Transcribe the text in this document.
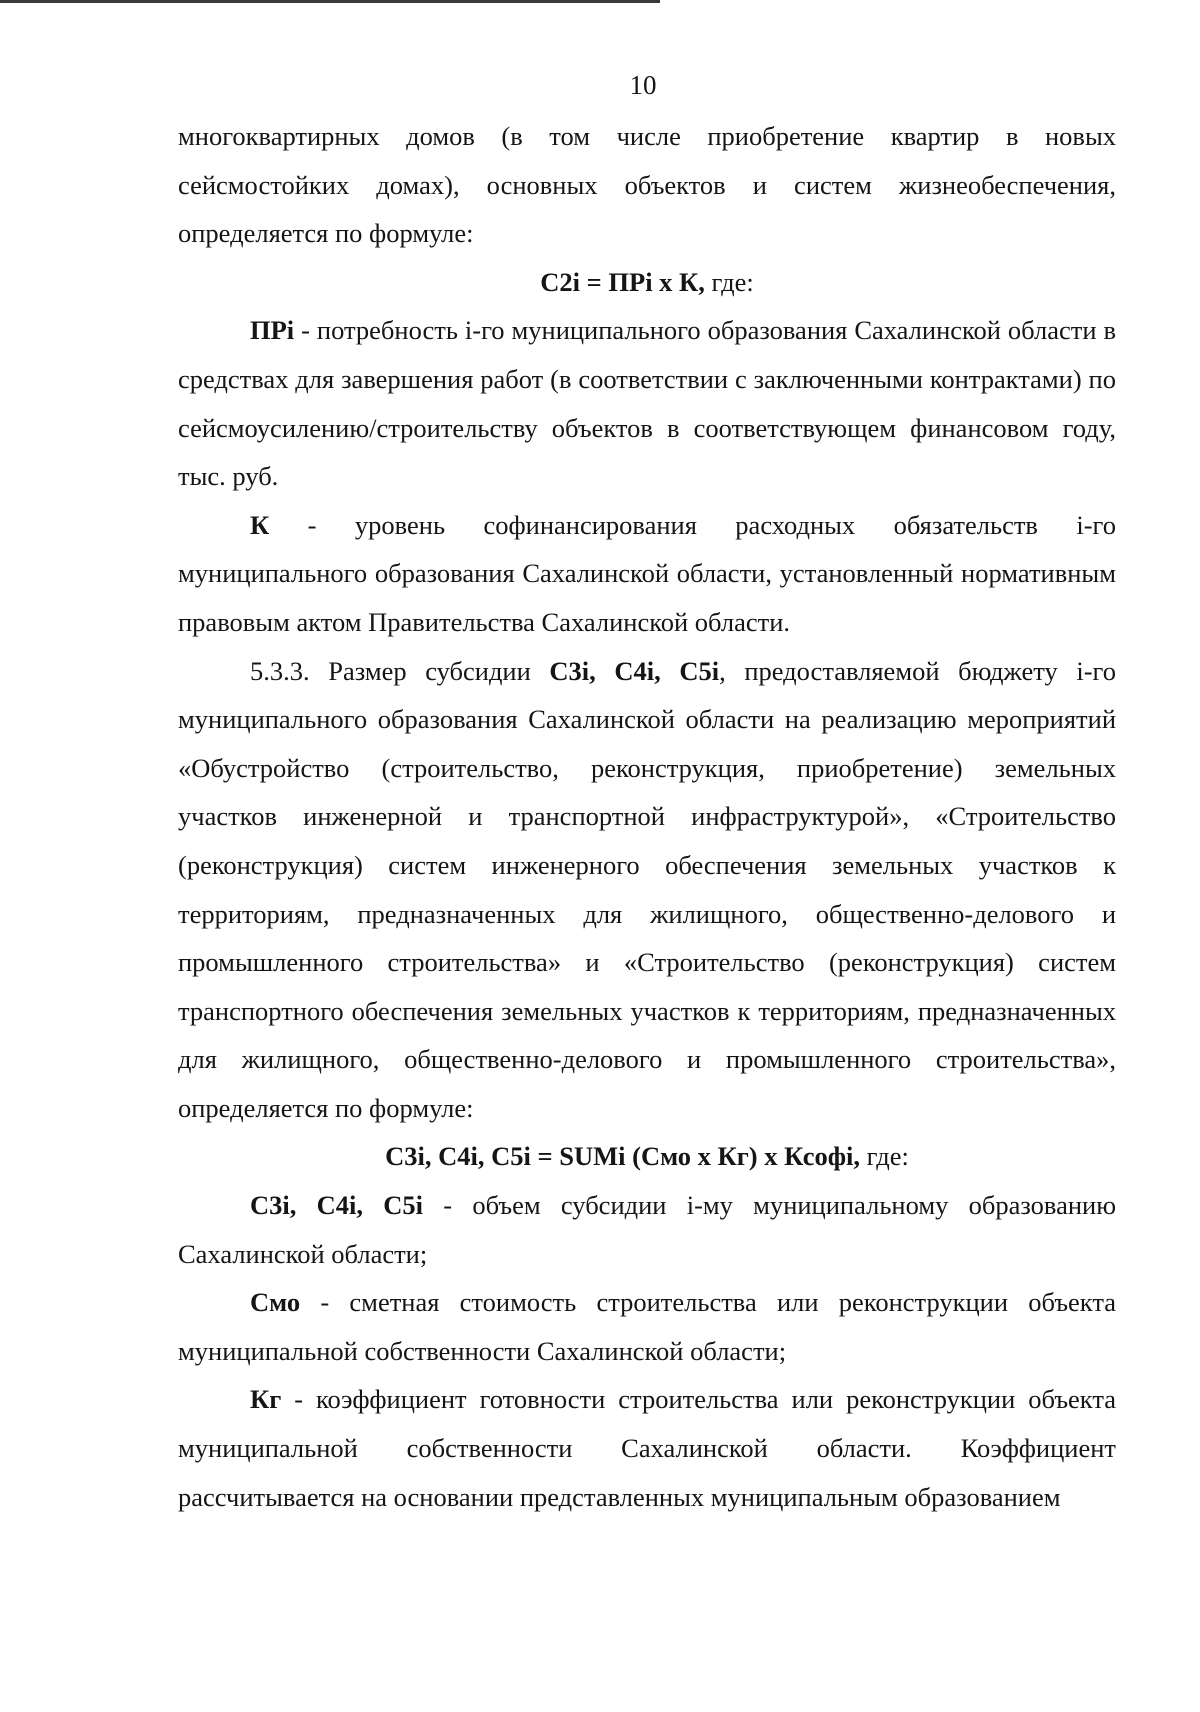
10

многоквартирных домов (в том числе приобретение квартир в новых сейсмостойких домах), основных объектов и систем жизнеобеспечения, определяется по формуле:

C2i = ПРi x К, где:

ПРi - потребность i-го муниципального образования Сахалинской области в средствах для завершения работ (в соответствии с заключенными контрактами) по сейсмоусилению/строительству объектов в соответствующем финансовом году, тыс. руб.

К - уровень софинансирования расходных обязательств i-го муниципального образования Сахалинской области, установленный нормативным правовым актом Правительства Сахалинской области.

5.3.3. Размер субсидии C3i, C4i, C5i, предоставляемой бюджету i-го муниципального образования Сахалинской области на реализацию мероприятий «Обустройство (строительство, реконструкция, приобретение) земельных участков инженерной и транспортной инфраструктурой», «Строительство (реконструкция) систем инженерного обеспечения земельных участков к территориям, предназначенных для жилищного, общественно-делового и промышленного строительства» и «Строительство (реконструкция) систем транспортного обеспечения земельных участков к территориям, предназначенных для жилищного, общественно-делового и промышленного строительства», определяется по формуле:

C3i, C4i, C5i = SUMi (Cмо x Кг) x Ксофi, где:

C3i, C4i, C5i - объем субсидии i-му муниципальному образованию Сахалинской области;

Смо - сметная стоимость строительства или реконструкции объекта муниципальной собственности Сахалинской области;

Кг - коэффициент готовности строительства или реконструкции объекта муниципальной собственности Сахалинской области. Коэффициент рассчитывается на основании представленных муниципальным образованием
